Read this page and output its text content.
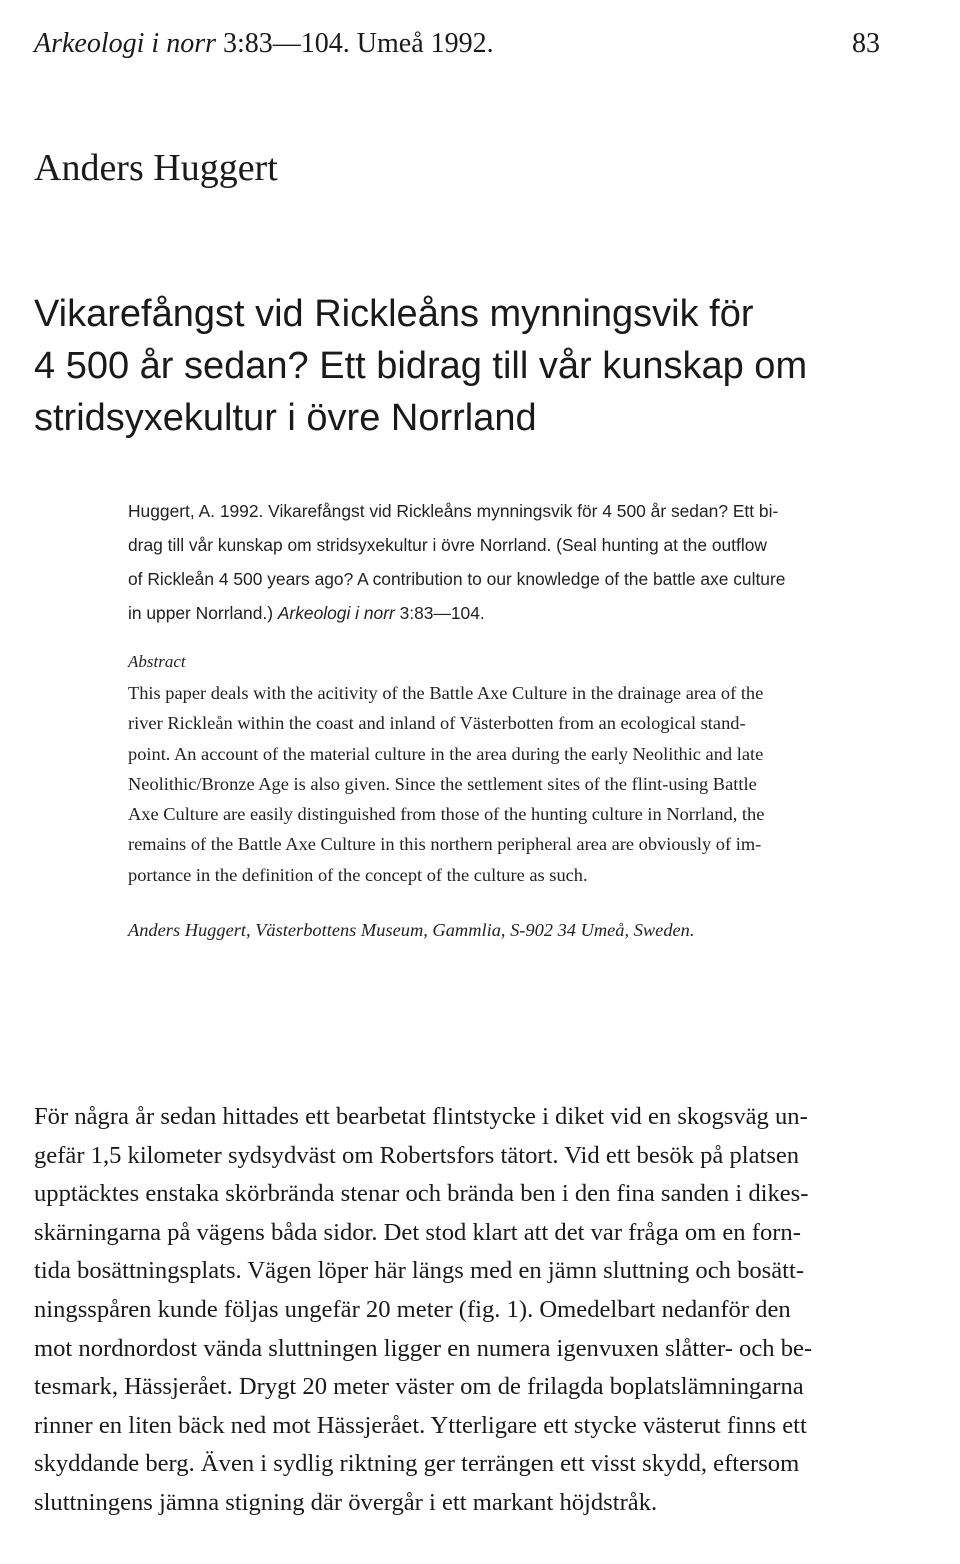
Arkeologi i norr 3:83—104. Umeå 1992.	83
Anders Huggert
Vikarefångst vid Rickleåns mynningsvik för
4 500 år sedan? Ett bidrag till vår kunskap om
stridsyxekultur i övre Norrland
Huggert, A. 1992. Vikarefångst vid Rickleåns mynningsvik för 4 500 år sedan? Ett bi-
drag till vår kunskap om stridsyxekultur i övre Norrland. (Seal hunting at the outflow
of Rickleån 4 500 years ago? A contribution to our knowledge of the battle axe culture
in upper Norrland.) Arkeologi i norr 3:83—104.
Abstract
This paper deals with the acitivity of the Battle Axe Culture in the drainage area of the
river Rickleån within the coast and inland of Västerbotten from an ecological stand-
point. An account of the material culture in the area during the early Neolithic and late
Neolithic/Bronze Age is also given. Since the settlement sites of the flint-using Battle
Axe Culture are easily distinguished from those of the hunting culture in Norrland, the
remains of the Battle Axe Culture in this northern peripheral area are obviously of im-
portance in the definition of the concept of the culture as such.
Anders Huggert, Västerbottens Museum, Gammlia, S-902 34 Umeå, Sweden.
För några år sedan hittades ett bearbetat flintstycke i diket vid en skogsväg un-
gefär 1,5 kilometer sydsydväst om Robertsfors tätort. Vid ett besök på platsen
upptäcktes enstaka skörbrända stenar och brända ben i den fina sanden i dikes-
skärningarna på vägens båda sidor. Det stod klart att det var fråga om en forn-
tida bosättningsplats. Vägen löper här längs med en jämn sluttning och bosätt-
ningsspåren kunde följas ungefär 20 meter (fig. 1). Omedelbart nedanför den
mot nordnordost vända sluttningen ligger en numera igenvuxen slåtter- och be-
tesmark, Hässjerået. Drygt 20 meter väster om de frilagda boplatslämningarna
rinner en liten bäck ned mot Hässjerået. Ytterligare ett stycke västerut finns ett
skyddande berg. Även i sydlig riktning ger terrängen ett visst skydd, eftersom
sluttningens jämna stigning där övergår i ett markant höjdstråk.
